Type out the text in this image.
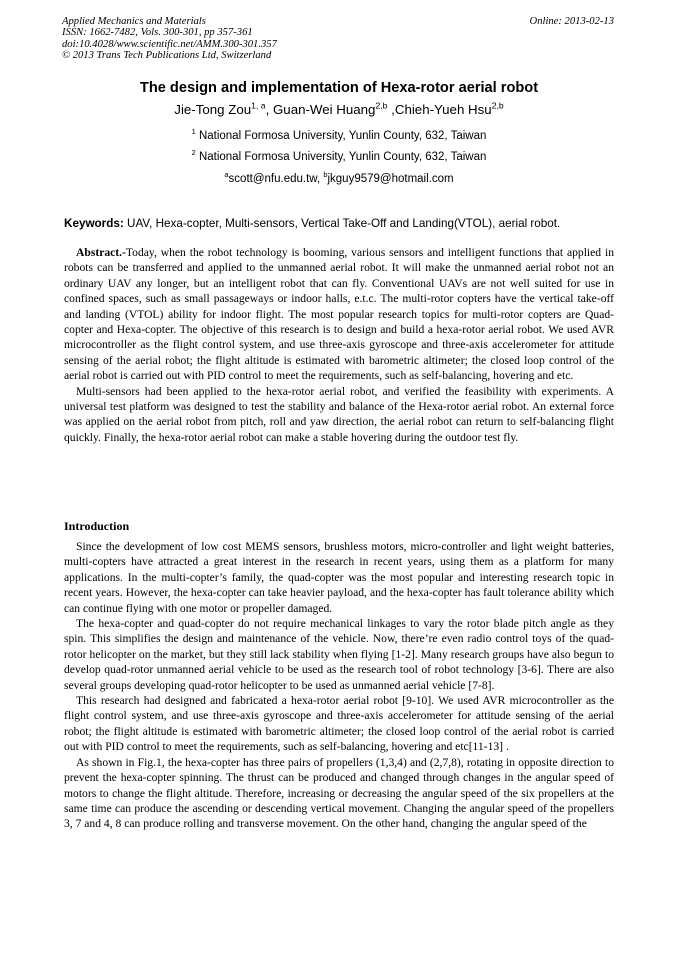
Applied Mechanics and Materials
ISSN: 1662-7482, Vols. 300-301, pp 357-361
doi:10.4028/www.scientific.net/AMM.300-301.357
© 2013 Trans Tech Publications Ltd, Switzerland
Online: 2013-02-13
The design and implementation of Hexa-rotor aerial robot
Jie-Tong Zou$^{1, a}$, Guan-Wei Huang$^{2,b}$ ,Chieh-Yueh Hsu$^{2,b}$
$^1$ National Formosa University, Yunlin County, 632, Taiwan
$^2$ National Formosa University, Yunlin County, 632, Taiwan
$^a$scott@nfu.edu.tw, $^b$jkguy9579@hotmail.com
Keywords: UAV, Hexa-copter, Multi-sensors, Vertical Take-Off and Landing(VTOL), aerial robot.

Abstract.-Today, when the robot technology is booming, various sensors and intelligent functions that applied in robots can be transferred and applied to the unmanned aerial robot. It will make the unmanned aerial robot not an ordinary UAV any longer, but an intelligent robot that can fly. Conventional UAVs are not well suited for use in confined spaces, such as small passageways or indoor halls, e.t.c. The multi-rotor copters have the vertical take-off and landing (VTOL) ability for indoor flight. The most popular research topics for multi-rotor copters are Quad- copter and Hexa-copter. The objective of this research is to design and build a hexa-rotor aerial robot. We used AVR microcontroller as the flight control system, and use three-axis gyroscope and three-axis accelerometer for attitude sensing of the aerial robot; the flight altitude is estimated with barometric altimeter; the closed loop control of the aerial robot is carried out with PID control to meet the requirements, such as self-balancing, hovering and etc.

Multi-sensors had been applied to the hexa-rotor aerial robot, and verified the feasibility with experiments. A universal test platform was designed to test the stability and balance of the Hexa-rotor aerial robot. An external force was applied on the aerial robot from pitch, roll and yaw direction, the aerial robot can return to self-balancing flight quickly. Finally, the hexa-rotor aerial robot can make a stable hovering during the outdoor test fly.

Introduction

Since the development of low cost MEMS sensors, brushless motors, micro-controller and light weight batteries, multi-copters have attracted a great interest in the research in recent years, using them as a platform for many applications. In the multi-copter’s family, the quad-copter was the most popular and interesting research topic in recent years. However, the hexa-copter can take heavier payload, and the hexa-copter has fault tolerance ability which can continue flying with one motor or propeller damaged.

The hexa-copter and quad-copter do not require mechanical linkages to vary the rotor blade pitch angle as they spin. This simplifies the design and maintenance of the vehicle. Now, there’re even radio control toys of the quad-rotor helicopter on the market, but they still lack stability when flying [1-2]. Many research groups have also begun to develop quad-rotor unmanned aerial vehicle to be used as the research tool of robot technology [3-6]. There are also several groups developing quad-rotor helicopter to be used as unmanned aerial vehicle [7-8].

This research had designed and fabricated a hexa-rotor aerial robot [9-10]. We used AVR microcontroller as the flight control system, and use three-axis gyroscope and three-axis accelerometer for attitude sensing of the aerial robot; the flight altitude is estimated with barometric altimeter; the closed loop control of the aerial robot is carried out with PID control to meet the requirements, such as self-balancing, hovering and etc[11-13] .

As shown in Fig.1, the hexa-copter has three pairs of propellers (1,3,4) and (2,7,8), rotating in opposite direction to prevent the hexa-copter spinning. The thrust can be produced and changed through changes in the angular speed of motors to change the flight altitude. Therefore, increasing or decreasing the angular speed of the six propellers at the same time can produce the ascending or descending vertical movement. Changing the angular speed of the propellers 3, 7 and 4, 8 can produce rolling and transverse movement. On the other hand, changing the angular speed of the
